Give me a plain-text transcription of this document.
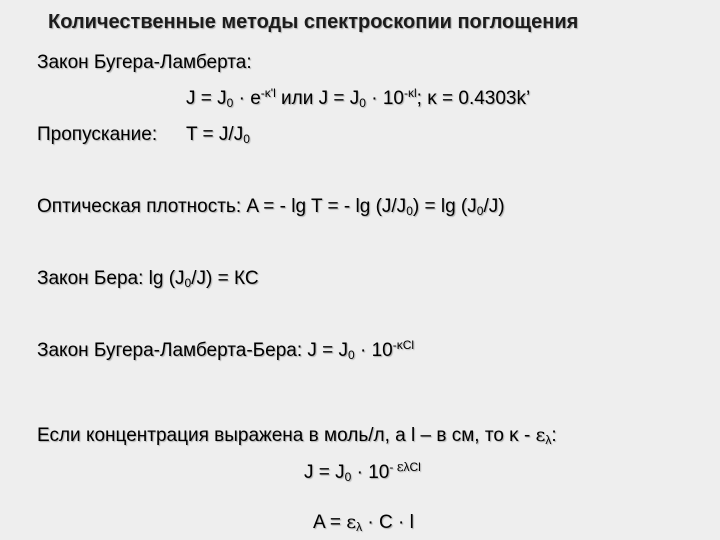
Количественные методы спектроскопии поглощения
Закон Бугера-Ламберта:
$J = J_0 \cdot e^{-\kappa'l}$ или $J = J_0 \cdot 10^{-\kappa l}$; κ = 0.4303k’
Пропускание: $T = J/J_0$
Оптическая плотность: A = - lg T = - $\lg (J/J_0) = \lg (J_0/J)$
Закон Бера: $\lg (J_0/J)$ = КС
Закон Бугера-Ламберта-Бера: $J = J_0 \cdot 10^{-\kappa Cl}$
Если концентрация выражена в моль/л, а l – в см, то κ - $\varepsilon_\lambda$:
$J = J_0 \cdot 10^{- \varepsilon\lambda Cl}$
$A = \varepsilon_\lambda \cdot C \cdot l$
